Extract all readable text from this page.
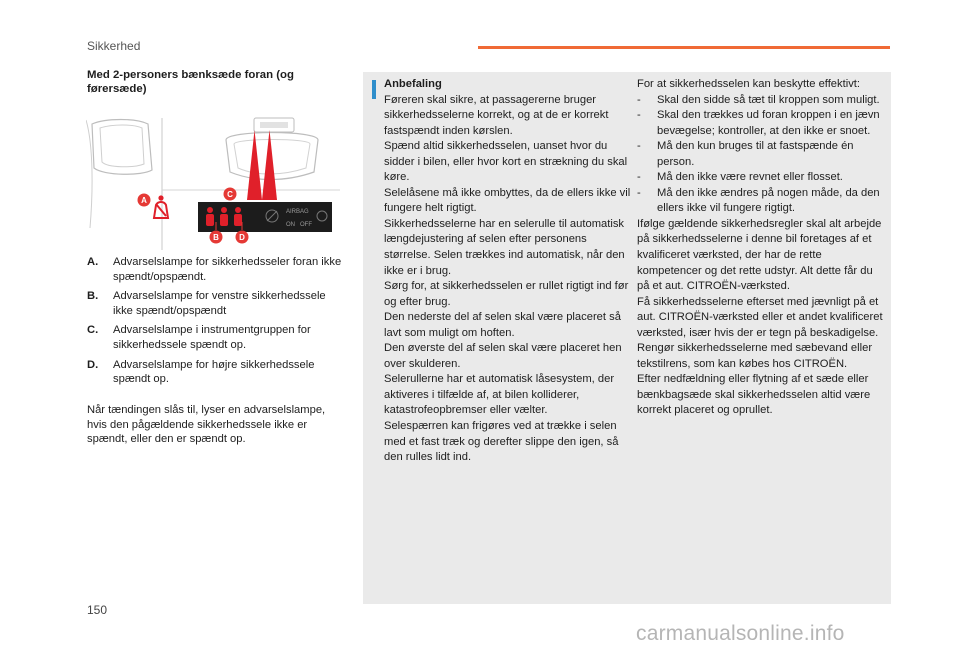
Sikkerhed
Med 2-personers bænksæde foran (og førersæde)
AIRBAG
ON OFF
A
C
B	D
A.	Advarselslampe for sikkerhedsseler foran ikke spændt/opspændt.
B.	Advarselslampe for venstre sikkerhedssele ikke spændt/opspændt
C.	Advarselslampe i instrumentgruppen for sikkerhedssele spændt op.
D.	Advarselslampe for højre sikkerhedssele spændt op.
Når tændingen slås til, lyser en advarselslampe, hvis den pågældende sikkerhedssele ikke er spændt, eller den er spændt op.
Anbefaling
Føreren skal sikre, at passagererne bruger sikkerhedsselerne korrekt, og at de er korrekt fastspændt inden kørslen.
Spænd altid sikkerhedsselen, uanset hvor du sidder i bilen, eller hvor kort en strækning du skal køre.
Selelåsene må ikke ombyttes, da de ellers ikke vil fungere helt rigtigt.
Sikkerhedsselerne har en selerulle til automatisk længdejustering af selen efter personens størrelse. Selen trækkes ind automatisk, når den ikke er i brug.
Sørg for, at sikkerhedsselen er rullet rigtigt ind før og efter brug.
Den nederste del af selen skal være placeret så lavt som muligt om hoften.
Den øverste del af selen skal være placeret hen over skulderen.
Selerullerne har et automatisk låsesystem, der aktiveres i tilfælde af, at bilen kolliderer, katastrofeopbremser eller vælter.
Selespærren kan frigøres ved at trække i selen med et fast træk og derefter slippe den igen, så den rulles lidt ind.
For at sikkerhedsselen kan beskytte effektivt:
-	Skal den sidde så tæt til kroppen som muligt.
-	Skal den trækkes ud foran kroppen i en jævn bevægelse; kontroller, at den ikke er snoet.
-	Må den kun bruges til at fastspænde én person.
-	Må den ikke være revnet eller flosset.
-	Må den ikke ændres på nogen måde, da den ellers ikke vil fungere rigtigt.
Ifølge gældende sikkerhedsregler skal alt arbejde på sikkerhedsselerne i denne bil foretages af et kvalificeret værksted, der har de rette kompetencer og det rette udstyr. Alt dette får du på et aut. CITROËN-værksted.
Få sikkerhedsselerne efterset med jævnligt på et aut. CITROËN-værksted eller et andet kvalificeret værksted, især hvis der er tegn på beskadigelse.
Rengør sikkerhedsselerne med sæbevand eller tekstilrens, som kan købes hos CITROËN.
Efter nedfældning eller flytning af et sæde eller bænkbagsæde skal sikkerhedsselen altid være korrekt placeret og oprullet.
150
carmanualsonline.info
